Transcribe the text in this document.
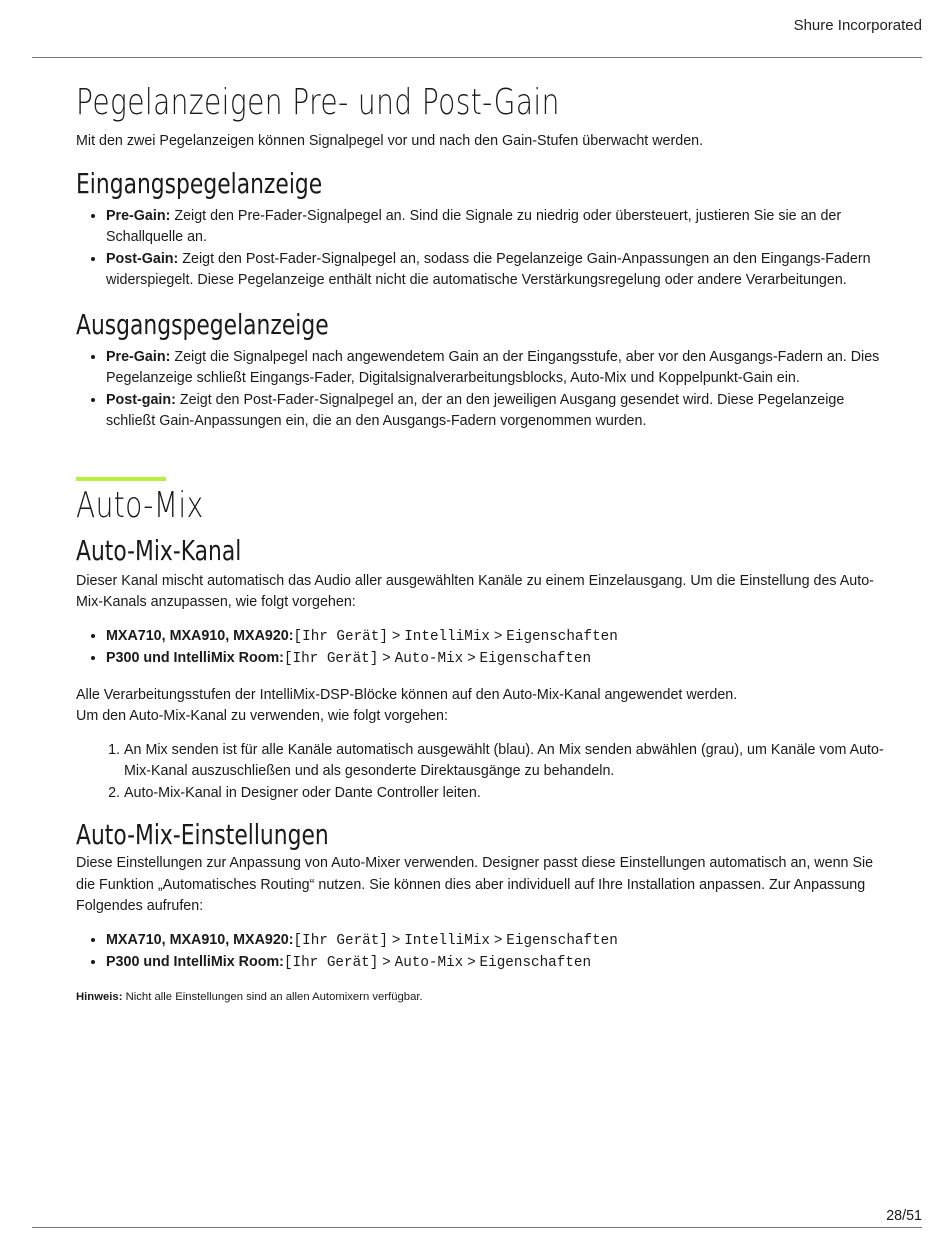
Shure Incorporated
Pegelanzeigen Pre- und Post-Gain

Mit den zwei Pegelanzeigen können Signalpegel vor und nach den Gain-Stufen überwacht werden.

Eingangspegelanzeige
• Pre-Gain: Zeigt den Pre-Fader-Signalpegel an. Sind die Signale zu niedrig oder übersteuert, justieren Sie sie an der Schallquelle an.
• Post-Gain: Zeigt den Post-Fader-Signalpegel an, sodass die Pegelanzeige Gain-Anpassungen an den Eingangs-Fadern widerspiegelt. Diese Pegelanzeige enthält nicht die automatische Verstärkungsregelung oder andere Verarbeitungen.
Ausgangspegelanzeige
• Pre-Gain: Zeigt die Signalpegel nach angewendetem Gain an der Eingangsstufe, aber vor den Ausgangs-Fadern an. Dies Pegelanzeige schließt Eingangs-Fader, Digitalsignalverarbeitungsblocks, Auto-Mix und Koppelpunkt-Gain ein.
• Post-gain: Zeigt den Post-Fader-Signalpegel an, der an den jeweiligen Ausgang gesendet wird. Diese Pegelanzeige schließt Gain-Anpassungen ein, die an den Ausgangs-Fadern vorgenommen wurden.
Auto-Mix
Auto-Mix-Kanal

Dieser Kanal mischt automatisch das Audio aller ausgewählten Kanäle zu einem Einzelausgang. Um die Einstellung des Auto-Mix-Kanals anzupassen, wie folgt vorgehen:

• MXA710, MXA910, MXA920:[Ihr Gerät] > IntelliMix > Eigenschaften
• P300 und IntelliMix Room:[Ihr Gerät] > Auto-Mix > Eigenschaften

Alle Verarbeitungsstufen der IntelliMix-DSP-Blöcke können auf den Auto-Mix-Kanal angewendet werden.

Um den Auto-Mix-Kanal zu verwenden, wie folgt vorgehen:

1. An Mix senden ist für alle Kanäle automatisch ausgewählt (blau). An Mix senden abwählen (grau), um Kanäle vom Auto-Mix-Kanal auszuschließen und als gesonderte Direktausgänge zu behandeln.
2. Auto-Mix-Kanal in Designer oder Dante Controller leiten.
Auto-Mix-Einstellungen

Diese Einstellungen zur Anpassung von Auto-Mixer verwenden. Designer passt diese Einstellungen automatisch an, wenn Sie die Funktion „Automatisches Routing“ nutzen. Sie können dies aber individuell auf Ihre Installation anpassen. Zur Anpassung Folgendes aufrufen:

• MXA710, MXA910, MXA920:[Ihr Gerät] > IntelliMix > Eigenschaften
• P300 und IntelliMix Room:[Ihr Gerät] > Auto-Mix > Eigenschaften

Hinweis: Nicht alle Einstellungen sind an allen Automixern verfügbar.

28/51
